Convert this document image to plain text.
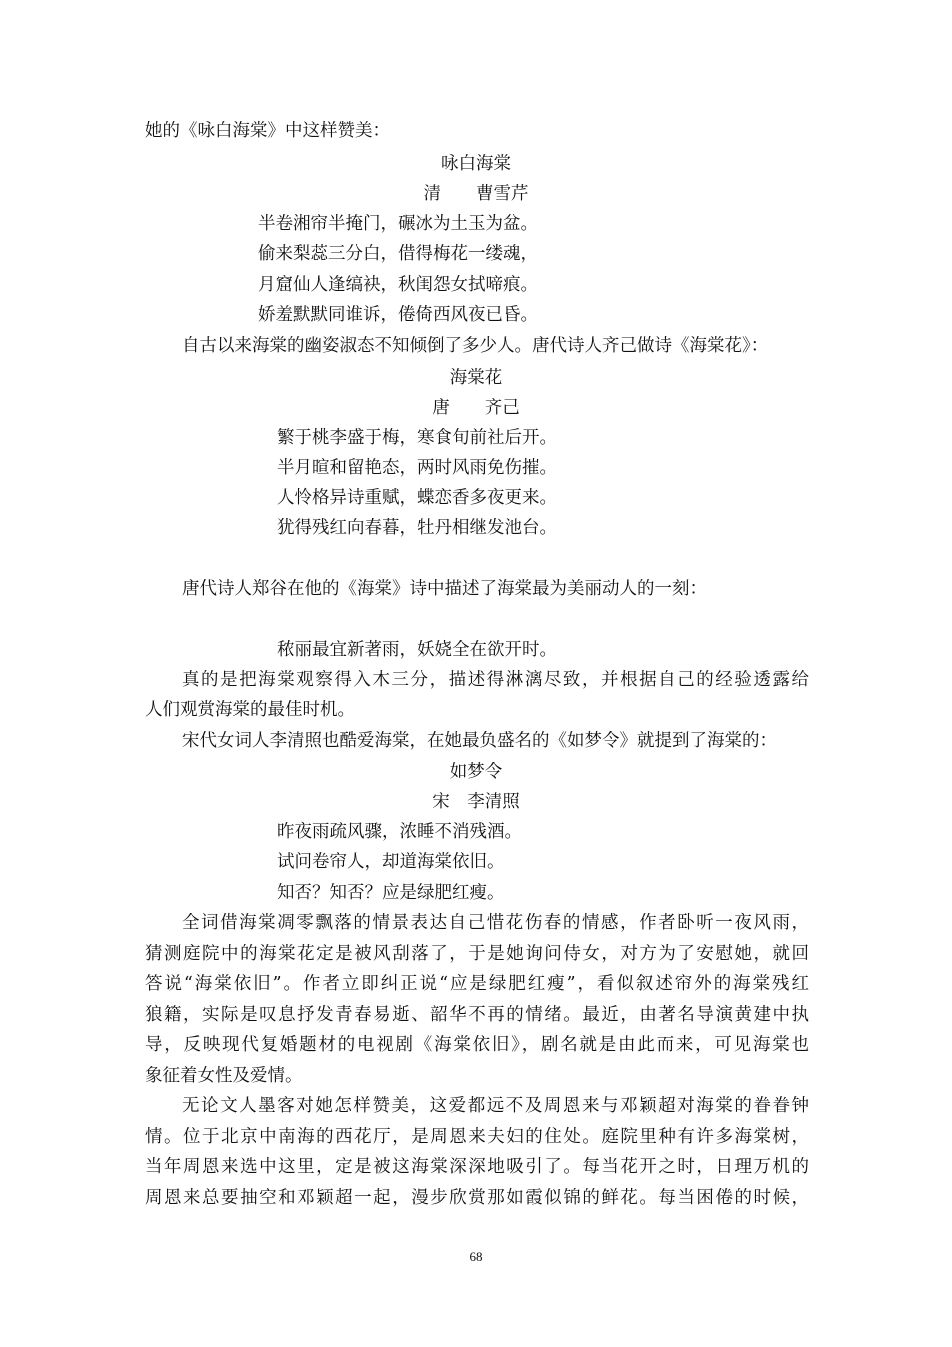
她的《咏白海棠》中这样赞美：

咏白海棠

清　　曹雪芹

半卷湘帘半掩门，碾冰为土玉为盆。

偷来梨蕊三分白，借得梅花一缕魂，

月窟仙人逢缟袂，秋闺怨女拭啼痕。

娇羞默默同谁诉，倦倚西风夜已昏。

自古以来海棠的幽姿淑态不知倾倒了多少人。唐代诗人齐己做诗《海棠花》：

海棠花

唐　　齐己

繁于桃李盛于梅，寒食旬前社后开。

半月暄和留艳态，两时风雨免伤摧。

人怜格异诗重赋，蝶恋香多夜更来。

犹得残红向春暮，牡丹相继发池台。

唐代诗人郑谷在他的《海棠》诗中描述了海棠最为美丽动人的一刻：

秾丽最宜新著雨，妖娆全在欲开时。

真的是把海棠观察得入木三分，描述得淋漓尽致，并根据自己的经验透露给

人们观赏海棠的最佳时机。

宋代女词人李清照也酷爱海棠，在她最负盛名的《如梦令》就提到了海棠的：

如梦令

宋　李清照

昨夜雨疏风骤，浓睡不消残酒。

试问卷帘人，却道海棠依旧。

知否？知否？应是绿肥红瘦。

全词借海棠凋零飘落的情景表达自己惜花伤春的情感，作者卧听一夜风雨，

猜测庭院中的海棠花定是被风刮落了，于是她询问侍女，对方为了安慰她，就回

答说“海棠依旧”。作者立即纠正说“应是绿肥红瘦”，看似叙述帘外的海棠残红

狼籍，实际是叹息抒发青春易逝、韶华不再的情绪。最近，由著名导演黄建中执

导，反映现代复婚题材的电视剧《海棠依旧》，剧名就是由此而来，可见海棠也

象征着女性及爱情。

无论文人墨客对她怎样赞美，这爱都远不及周恩来与邓颖超对海棠的眷眷钟

情。位于北京中南海的西花厅，是周恩来夫妇的住处。庭院里种有许多海棠树，

当年周恩来选中这里，定是被这海棠深深地吸引了。每当花开之时，日理万机的

周恩来总要抽空和邓颖超一起，漫步欣赏那如霞似锦的鲜花。每当困倦的时候，

68
